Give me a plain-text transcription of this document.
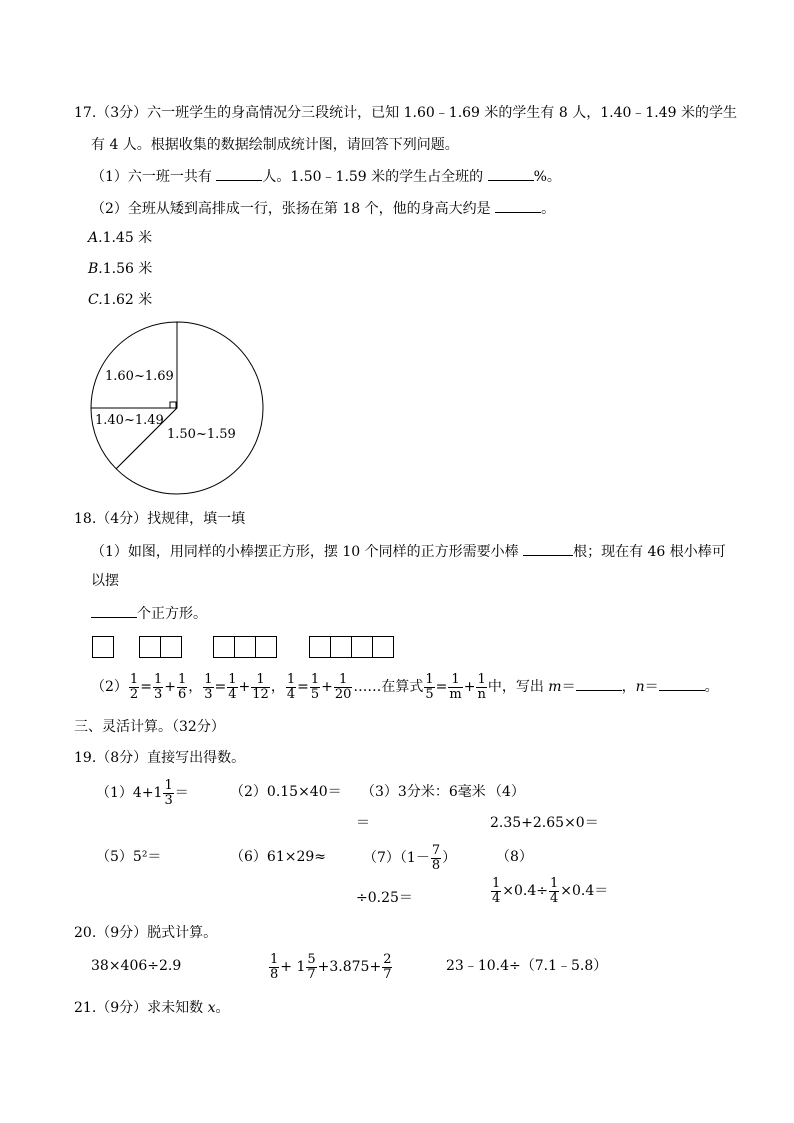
17.（3分）六一班学生的身高情况分三段统计，已知 1.60﹣1.69 米的学生有 8 人，1.40﹣1.49 米的学生
有 4 人。根据收集的数据绘制成统计图，请回答下列问题。
（1）六一班一共有	人。1.50﹣1.59 米的学生占全班的	%。
（2）全班从矮到高排成一行，张扬在第 18 个，他的身高大约是	。
A.1.45 米
B.1.56 米
C.1.62 米
1.60~1.69
1.40~1.49
1.50~1.59
18.（4分）找规律，填一填
（1）如图，用同样的小棒摆正方形，摆 10 个同样的正方形需要小棒	根；现在有 46 根小棒可
以摆
个正方形。
$(2) \frac{1}{2} = \frac{1}{3} + \frac{1}{6}$ ， $\frac{1}{3} = \frac{1}{4} + \frac{1}{12}$ ， $\frac{1}{4} = \frac{1}{5} + \frac{1}{20}$ ……在算式 $\frac{1}{5} = \frac{1}{m} + \frac{1}{n}$ 中，写出 m＝	，n＝	。
三、灵活计算。（32分）
19.（8分）直接写出得数。
$(1)4+1 \frac{1}{3}$ ＝	（2）0.15×40＝ （3）3分米：6毫米
＝
（4）
2.35+2.65×0＝
（5）5²＝	（6）61×29≈	$(7)(1- \frac{7}{8}$ ）
÷0.25＝
（8）
$\frac{1}{4} \times 0.4\div \frac{1}{4} \times 0.4=$
20.（9分）脱式计算。
38×406÷2.9	$\frac{1}{8} + 1 \frac{5}{7} +3.875+ \frac{2}{7}$	23﹣10.4÷（7.1﹣5.8）
21.（9分）求未知数 x。
